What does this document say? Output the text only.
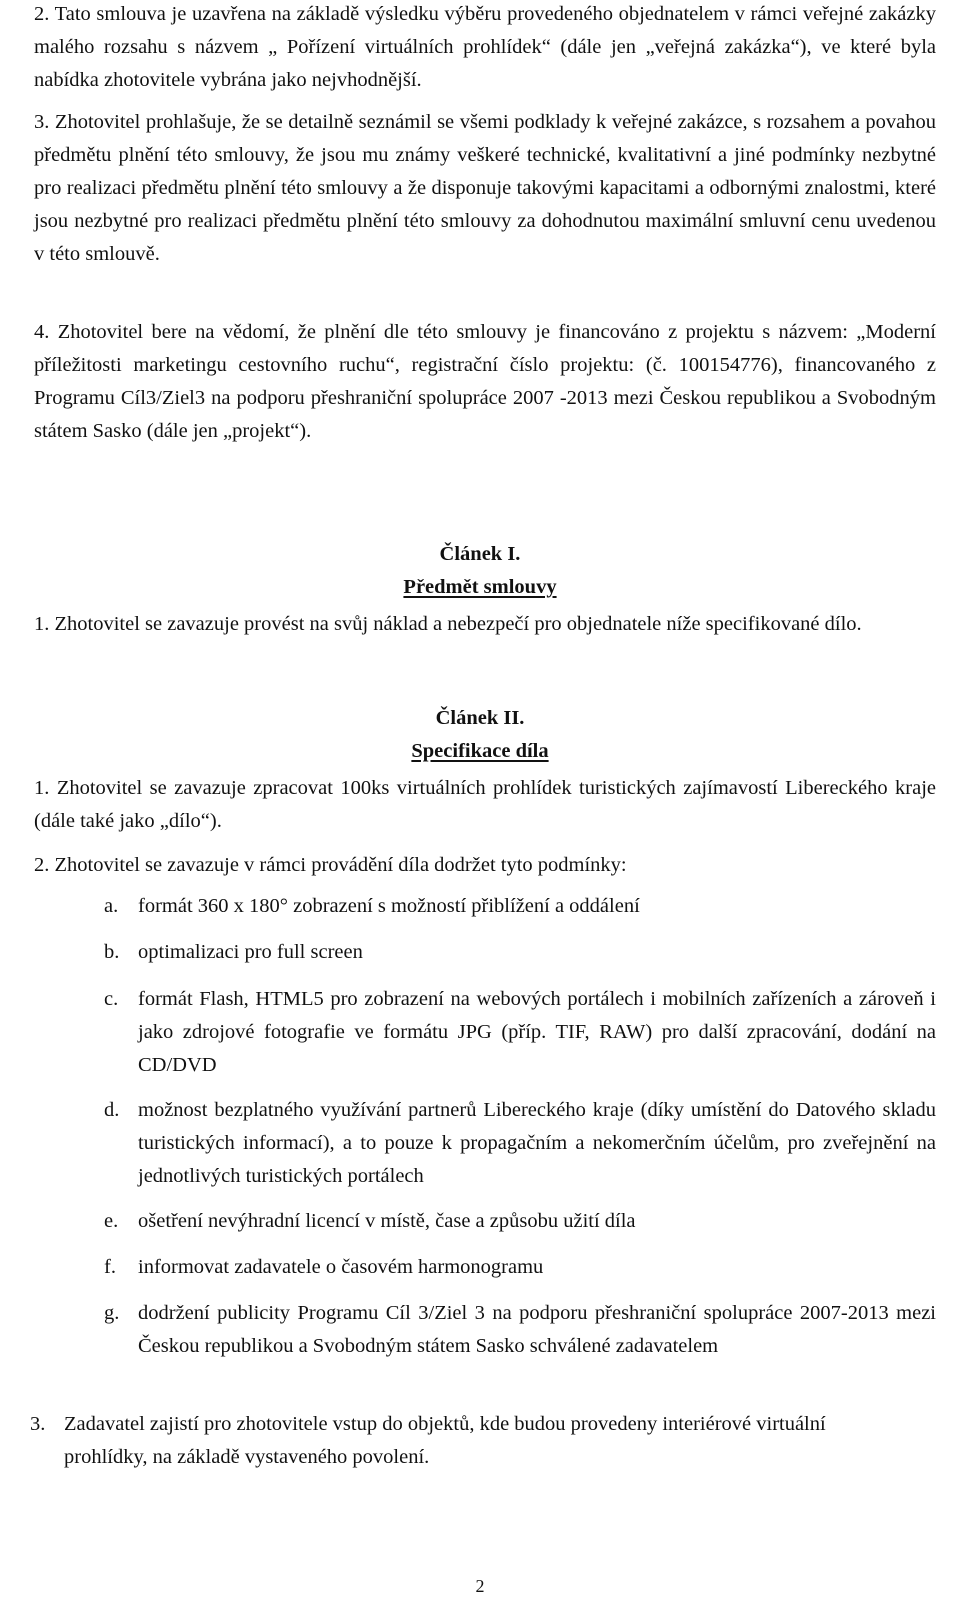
2. Tato smlouva je uzavřena na základě výsledku výběru provedeného objednatelem v rámci veřejné zakázky malého rozsahu s názvem „ Pořízení virtuálních prohlídek“ (dále jen „veřejná zakázka“), ve které byla nabídka zhotovitele vybrána jako nejvhodnější.
3. Zhotovitel prohlašuje, že se detailně seznámil se všemi podklady k veřejné zakázce, s rozsahem a povahou předmětu plnění této smlouvy, že jsou mu známy veškeré technické, kvalitativní a jiné podmínky nezbytné pro realizaci předmětu plnění této smlouvy a že disponuje takovými kapacitami a odbornými znalostmi, které jsou nezbytné pro realizaci předmětu plnění této smlouvy za dohodnutou maximální smluvní cenu uvedenou v této smlouvě.
4. Zhotovitel bere na vědomí, že plnění dle této smlouvy je financováno z projektu s názvem: „Moderní příležitosti marketingu cestovního ruchu“, registrační číslo projektu: (č. 100154776), financovaného z Programu Cíl3/Ziel3 na podporu přeshraniční spolupráce 2007 -2013 mezi Českou republikou a Svobodným státem Sasko (dále jen „projekt“).
Článek I.
Předmět smlouvy
1. Zhotovitel se zavazuje provést na svůj náklad a nebezpečí pro objednatele níže specifikované dílo.
Článek II.
Specifikace díla
1. Zhotovitel se zavazuje zpracovat 100ks virtuálních prohlídek turistických zajímavostí Libereckého kraje (dále také jako „dílo“).
2. Zhotovitel se zavazuje v rámci provádění díla dodržet tyto podmínky:
a. formát 360 x 180° zobrazení s možností přiblížení a oddálení
b. optimalizaci pro full screen
c. formát Flash, HTML5 pro zobrazení na webových portálech i mobilních zařízeních a zároveň i jako zdrojové fotografie ve formátu JPG (příp. TIF, RAW) pro další zpracování, dodání na CD/DVD
d. možnost bezplatného využívání partnerů Libereckého kraje (díky umístění do Datového skladu turistických informací), a to pouze k propagačním a nekomerčním účelům, pro zveřejnění na jednotlivých turistických portálech
e. ošetření nevýhradní licencí v místě, čase a způsobu užití díla
f. informovat zadavatele o časovém harmonogramu
g. dodržení publicity Programu Cíl 3/Ziel 3 na podporu přeshraniční spolupráce 2007-2013 mezi Českou republikou a Svobodným státem Sasko schválené zadavatelem
3. Zadavatel zajistí pro zhotovitele vstup do objektů, kde budou provedeny interiérové virtuální prohlídky, na základě vystaveného povolení.
2
